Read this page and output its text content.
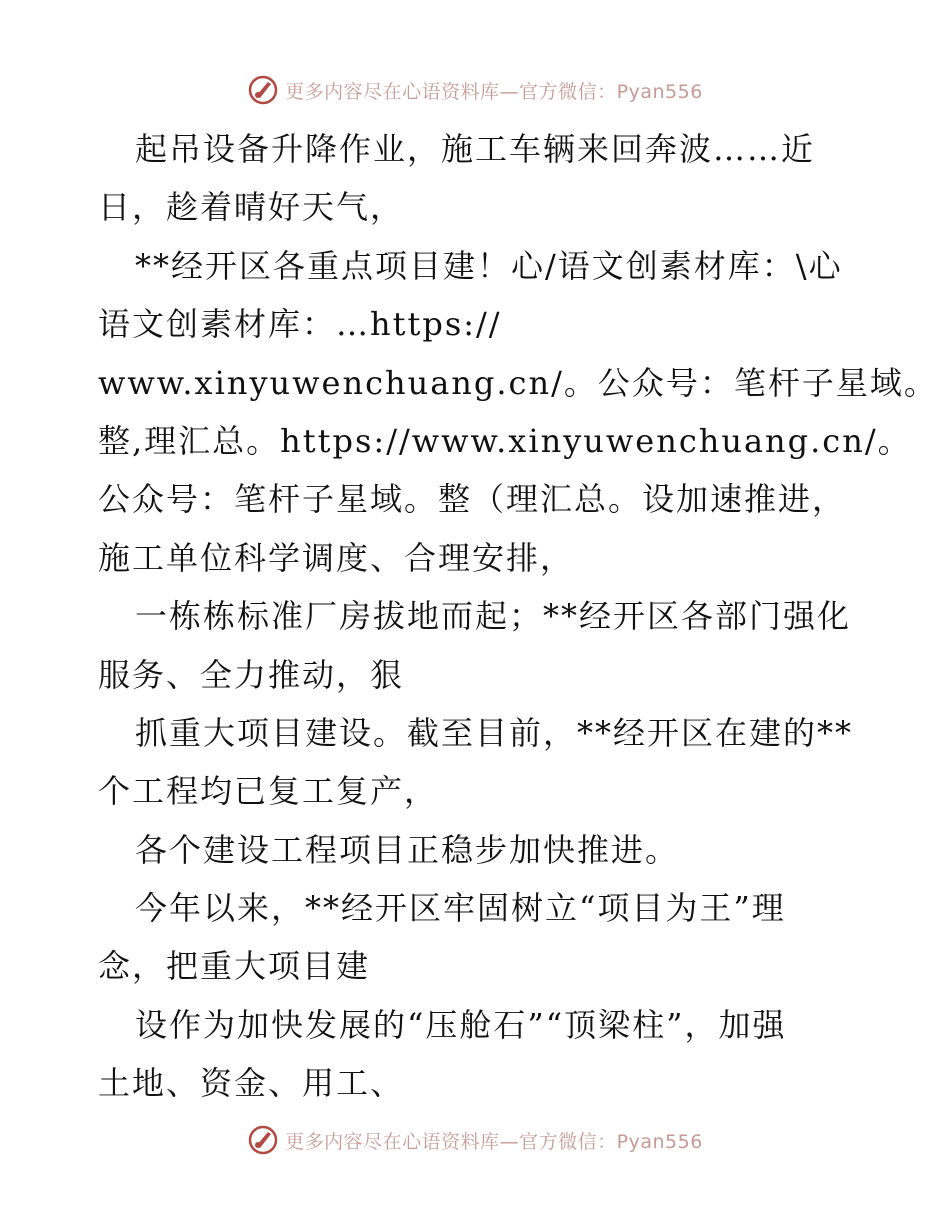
更多内容尽在心语资料库—官方微信：Pyan556
起吊设备升降作业，施工车辆来回奔波……近
日，趁着晴好天气，
**经开区各重点项目建！心/语文创素材库：\心
语文创素材库：…https://
www.xinyuwenchuang.cn/。公众号：笔杆子星域。
整,理汇总。https://www.xinyuwenchuang.cn/。
公众号：笔杆子星域。整（理汇总。设加速推进，
施工单位科学调度、合理安排，
一栋栋标准厂房拔地而起；**经开区各部门强化
服务、全力推动，狠
抓重大项目建设。截至目前，**经开区在建的**
个工程均已复工复产，
各个建设工程项目正稳步加快推进。
今年以来，**经开区牢固树立“项目为王”理
念，把重大项目建
设作为加快发展的“压舱石”“顶梁柱”，加强
土地、资金、用工、
更多内容尽在心语资料库—官方微信：Pyan556
